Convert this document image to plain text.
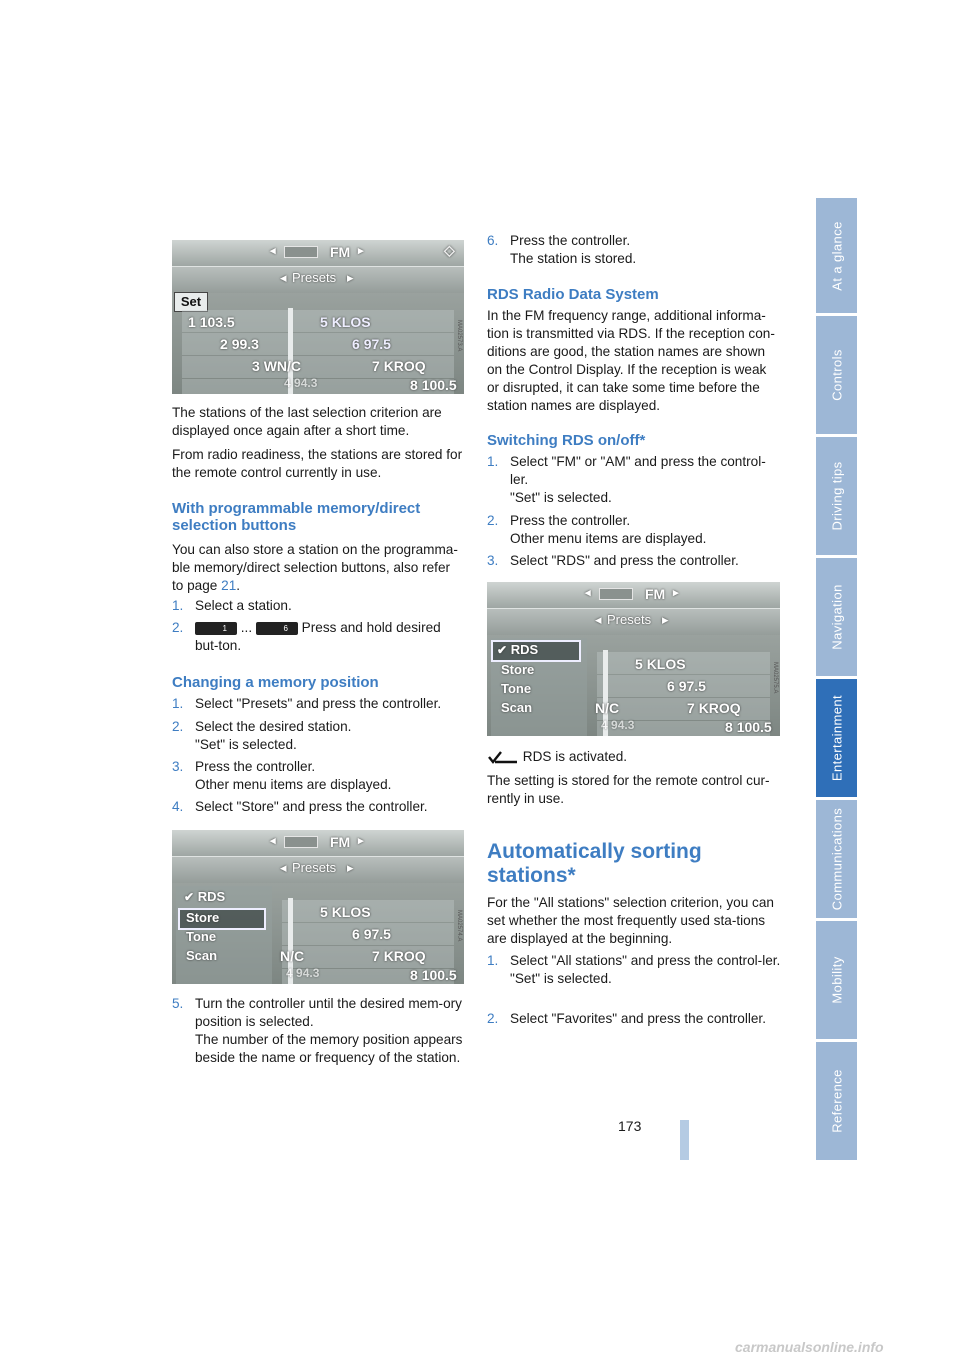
◂	FM ▸	◇
◂ Presets ▸
Set
1 103.5	5 KLOS
2 99.3	6 97.5
3 WN/C	7 KROQ
4 94.3	8 100.5
MA02573.A

The stations of the last selection criterion are displayed once again after a short time.

From radio readiness, the stations are stored for the remote control currently in use.

With programmable memory/direct selection buttons

You can also store a station on the programma-ble memory/direct selection buttons, also refer to page 21.

1. Select a station.
2.	1 ...	6 Press and hold desired but-ton.
Changing a memory position
1. Select "Presets" and press the controller.
2. Select the desired station.
"Set" is selected.
3. Press the controller.
Other menu items are displayed.
4. Select "Store" and press the controller.
◂	FM ▸
◂ Presets ▸
✔ RDS
Store
Tone
Scan
5 KLOS
6 97.5
N/C	7 KROQ
4 94.3	8 100.5
MA02574.A
5. Turn the controller until the desired mem-ory position is selected.
The number of the memory position appears beside the name or frequency of the station.
6. Press the controller.
The station is stored.
RDS Radio Data System

In the FM frequency range, additional informa-tion is transmitted via RDS. If the reception con-ditions are good, the station names are shown on the Control Display. If the reception is weak or disrupted, it can take some time before the station names are displayed.

Switching RDS on/off*
1. Select "FM" or "AM" and press the control-ler.
"Set" is selected.
2. Press the controller.
Other menu items are displayed.
3. Select "RDS" and press the controller.
◂	FM ▸
◂ Presets ▸
✔ RDS
Store
Tone
Scan
5 KLOS
6 97.5
N/C	7 KROQ
4 94.3	8 100.5
MA02575.A
RDS is activated.

The setting is stored for the remote control cur-rently in use.

Automatically sorting stations*

For the "All stations" selection criterion, you can set whether the most frequently used sta-tions are displayed at the beginning.

1. Select "All stations" and press the control-ler.
"Set" is selected.
2. Select "Favorites" and press the controller.
173
At a glance
Controls
Driving tips
Navigation
Entertainment
Communications
Mobility
Reference
carmanualsonline.info
